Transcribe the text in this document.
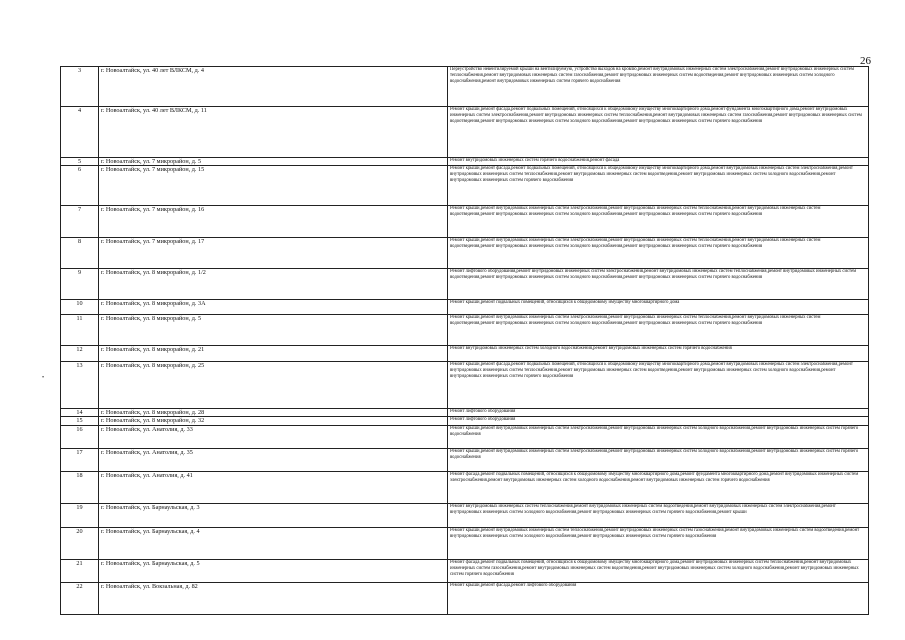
26
3	г. Новоалтайск, ул. 40 лет ВЛКСМ, д. 4	Переустройство невентилируемой крыши на вентилируемую, устройство выходов на кровлю,ремонт внутридомовых инженерных систем электроснабжения,ремонт внутридомовых инженерных систем теплоснабжения,ремонт внутридомовых инженерных систем газоснабжения,ремонт внутридомовых инженерных систем водоотведения,ремонт внутридомовых инженерных систем холодного водоснабжения,ремонт внутридомовых инженерных систем горячего водоснабжения

4	г. Новоалтайск, ул. 40 лет ВЛКСМ, д. 11	Ремонт крыши,ремонт фасада,ремонт подвальных помещений, относящихся к общедомовому имуществу многоквартирного дома,ремонт фундамента многоквартирного дома,ремонт внутридомовых инженерных систем электроснабжения,ремонт внутридомовых инженерных систем теплоснабжения,ремонт внутридомовых инженерных систем газоснабжения,ремонт внутридомовых инженерных систем водоотведения,ремонт внутридомовых инженерных систем холодного водоснабжения,ремонт внутридомовых инженерных систем горячего водоснабжения

5	г. Новоалтайск, ул. 7 микрорайон, д. 5	Ремонт внутридомовых инженерных систем горячего водоснабжения,ремонт фасада

6	г. Новоалтайск, ул. 7 микрорайон, д. 15	Ремонт крыши,ремонт фасада,ремонт подвальных помещений, относящихся к общедомовому имуществу многоквартирного дома,ремонт внутридомовых инженерных систем электроснабжения,ремонт внутридомовых инженерных систем теплоснабжения,ремонт внутридомовых инженерных систем водоотведения,ремонт внутридомовых инженерных систем холодного водоснабжения,ремонт внутридомовых инженерных систем горячего водоснабжения

7	г. Новоалтайск, ул. 7 микрорайон, д. 16	Ремонт крыши,ремонт внутридомовых инженерных систем электроснабжения,ремонт внутридомовых инженерных систем теплоснабжения,ремонт внутридомовых инженерных систем водоотведения,ремонт внутридомовых инженерных систем холодного водоснабжения,ремонт внутридомовых инженерных систем горячего водоснабжения

8	г. Новоалтайск, ул. 7 микрорайон, д. 17	Ремонт крыши,ремонт внутридомовых инженерных систем электроснабжения,ремонт внутридомовых инженерных систем теплоснабжения,ремонт внутридомовых инженерных систем водоотведения,ремонт внутридомовых инженерных систем холодного водоснабжения,ремонт внутридомовых инженерных систем горячего водоснабжения

9	г. Новоалтайск, ул. 8 микрорайон, д. 1/2	Ремонт лифтового оборудования,ремонт внутридомовых инженерных систем электроснабжения,ремонт внутридомовых инженерных систем теплоснабжения,ремонт внутридомовых инженерных систем водоотведения,ремонт внутридомовых инженерных систем холодного водоснабжения,ремонт внутридомовых инженерных систем горячего водоснабжения

10	г. Новоалтайск, ул. 8 микрорайон, д. 3А	Ремонт крыши,ремонт подвальных помещений, относящихся к общедомовому имуществу многоквартирного дома

11	г. Новоалтайск, ул. 8 микрорайон, д. 5	Ремонт крыши,ремонт внутридомовых инженерных систем электроснабжения,ремонт внутридомовых инженерных систем теплоснабжения,ремонт внутридомовых инженерных систем водоотведения,ремонт внутридомовых инженерных систем холодного водоснабжения,ремонт внутридомовых инженерных систем горячего водоснабжения

12	г. Новоалтайск, ул. 8 микрорайон, д. 21	Ремонт внутридомовых инженерных систем холодного водоснабжения,ремонт внутридомовых инженерных систем горячего водоснабжения

13	г. Новоалтайск, ул. 8 микрорайон, д. 25	Ремонт крыши,ремонт фасада,ремонт подвальных помещений, относящихся к общедомовому имуществу многоквартирного дома,ремонт внутридомовых инженерных систем электроснабжения,ремонт внутридомовых инженерных систем теплоснабжения,ремонт внутридомовых инженерных систем водоотведения,ремонт внутридомовых инженерных систем холодного водоснабжения,ремонт внутридомовых инженерных систем горячего водоснабжения

14	г. Новоалтайск, ул. 8 микрорайон, д. 28	Ремонт лифтового оборудования

15	г. Новоалтайск, ул. 8 микрорайон, д. 32	Ремонт лифтового оборудования

16	г. Новоалтайск, ул. Анатолия, д. 33	Ремонт крыши,ремонт внутридомовых инженерных систем электроснабжения,ремонт внутридомовых инженерных систем холодного водоснабжения,ремонт внутридомовых инженерных систем горячего водоснабжения

17	г. Новоалтайск, ул. Анатолия, д. 35	Ремонт крыши,ремонт внутридомовых инженерных систем электроснабжения,ремонт внутридомовых инженерных систем холодного водоснабжения,ремонт внутридомовых инженерных систем горячего водоснабжения

18	г. Новоалтайск, ул. Анатолия, д. 41	Ремонт фасада,ремонт подвальных помещений, относящихся к общедомовому имуществу многоквартирного дома,ремонт фундамента многоквартирного дома,ремонт внутридомовых инженерных систем электроснабжения,ремонт внутридомовых инженерных систем холодного водоснабжения,ремонт внутридомовых инженерных систем горячего водоснабжения

19	г. Новоалтайск, ул. Барнаульская, д. 3	Ремонт внутридомовых инженерных систем теплоснабжения,ремонт внутридомовых инженерных систем водоотведения,ремонт внутридомовых инженерных систем электроснабжения,ремонт внутридомовых инженерных систем холодного водоснабжения,ремонт внутридомовых инженерных систем горячего водоснабжения,ремонт крыши

20	г. Новоалтайск, ул. Барнаульская, д. 4	Ремонт крыши,ремонт внутридомовых инженерных систем теплоснабжения,ремонт внутридомовых инженерных систем газоснабжения,ремонт внутридомовых инженерных систем водоотведения,ремонт внутридомовых инженерных систем холодного водоснабжения,ремонт внутридомовых инженерных систем горячего водоснабжения

21	г. Новоалтайск, ул. Барнаульская, д. 5	Ремонт фасада,ремонт подвальных помещений, относящихся к общедомовому имуществу многоквартирного дома,ремонт внутридомовых инженерных систем теплоснабжения,ремонт внутридомовых инженерных систем газоснабжения,ремонт внутридомовых инженерных систем водоотведения,ремонт внутридомовых инженерных систем холодного водоснабжения,ремонт внутридомовых инженерных систем горячего водоснабжения

22	г. Новоалтайск, ул. Вокзальная, д. 82	Ремонт крыши,ремонт фасада,ремонт лифтового оборудования
•
